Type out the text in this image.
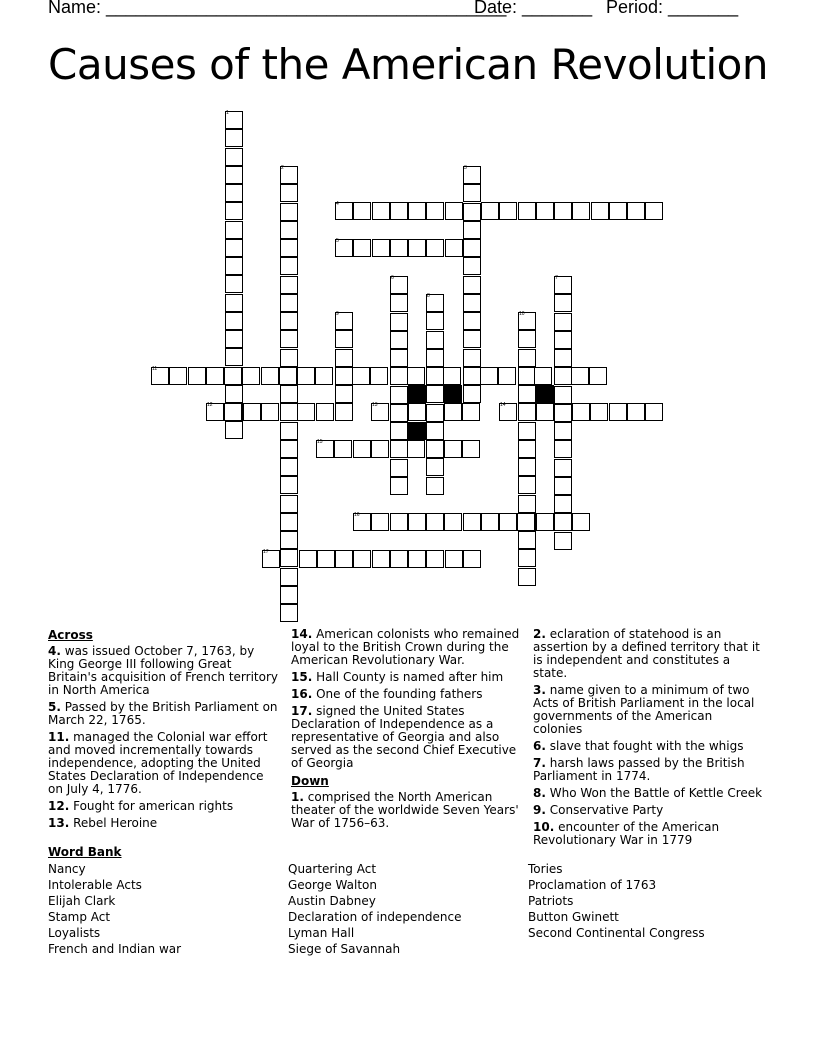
Name: ________________________________________
Date: _______ Period: _______
Causes of the American Revolution
1
2	3
4
5
6	7
8
9	10
11
12	13	14
15
16
17
Across
4. was issued October 7, 1763, by King George III following Great Britain's acquisition of French territory in North America
5. Passed by the British Parliament on March 22, 1765.
11. managed the Colonial war effort and moved incrementally towards independence, adopting the United States Declaration of Independence on July 4, 1776.
12. Fought for american rights
13. Rebel Heroine
14. American colonists who remained loyal to the British Crown during the American Revolutionary War.
15. Hall County is named after him
16. One of the founding fathers
17. signed the United States Declaration of Independence as a representative of Georgia and also served as the second Chief Executive of Georgia
Down
1. comprised the North American theater of the worldwide Seven Years' War of 1756–63.
2. eclaration of statehood is an assertion by a defined territory that it is independent and constitutes a state.
3. name given to a minimum of two Acts of British Parliament in the local governments of the American colonies
6. slave that fought with the whigs
7. harsh laws passed by the British Parliament in 1774.
8. Who Won the Battle of Kettle Creek
9. Conservative Party
10. encounter of the American Revolutionary War in 1779
Word Bank
Nancy
Intolerable Acts
Elijah Clark
Stamp Act
Loyalists
French and Indian war
Quartering Act
George Walton
Austin Dabney
Declaration of independence
Lyman Hall
Siege of Savannah
Tories
Proclamation of 1763
Patriots
Button Gwinett
Second Continental Congress
